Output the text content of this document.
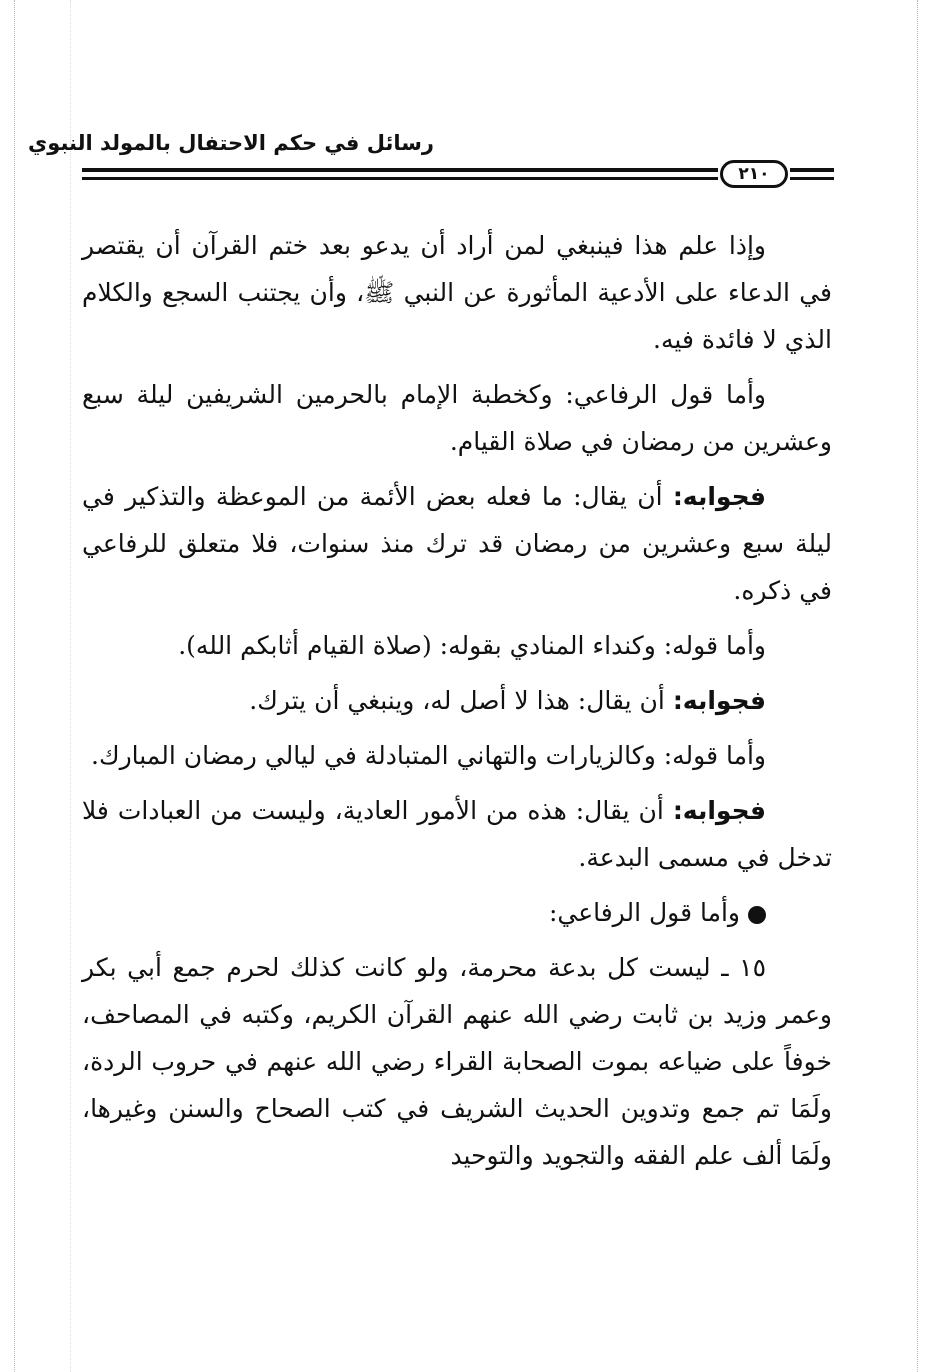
رسائل في حكم الاحتفال بالمولد النبوي
٢١٠

وإذا علم هذا فينبغي لمن أراد أن يدعو بعد ختم القرآن أن يقتصر في الدعاء على الأدعية المأثورة عن النبي ﷺ، وأن يجتنب السجع والكلام الذي لا فائدة فيه.

وأما قول الرفاعي: وكخطبة الإمام بالحرمين الشريفين ليلة سبع وعشرين من رمضان في صلاة القيام.

فجوابه: أن يقال: ما فعله بعض الأئمة من الموعظة والتذكير في ليلة سبع وعشرين من رمضان قد ترك منذ سنوات، فلا متعلق للرفاعي في ذكره.

وأما قوله: وكنداء المنادي بقوله: (صلاة القيام أثابكم الله).

فجوابه: أن يقال: هذا لا أصل له، وينبغي أن يترك.

وأما قوله: وكالزيارات والتهاني المتبادلة في ليالي رمضان المبارك.

فجوابه: أن يقال: هذه من الأمور العادية، وليست من العبادات فلا تدخل في مسمى البدعة.

وأما قول الرفاعي:

١٥ ـ ليست كل بدعة محرمة، ولو كانت كذلك لحرم جمع أبي بكر وعمر وزيد بن ثابت رضي الله عنهم القرآن الكريم، وكتبه في المصاحف، خوفاً على ضياعه بموت الصحابة القراء رضي الله عنهم في حروب الردة، ولَمَا تم جمع وتدوين الحديث الشريف في كتب الصحاح والسنن وغيرها، ولَمَا ألف علم الفقه والتجويد والتوحيد
